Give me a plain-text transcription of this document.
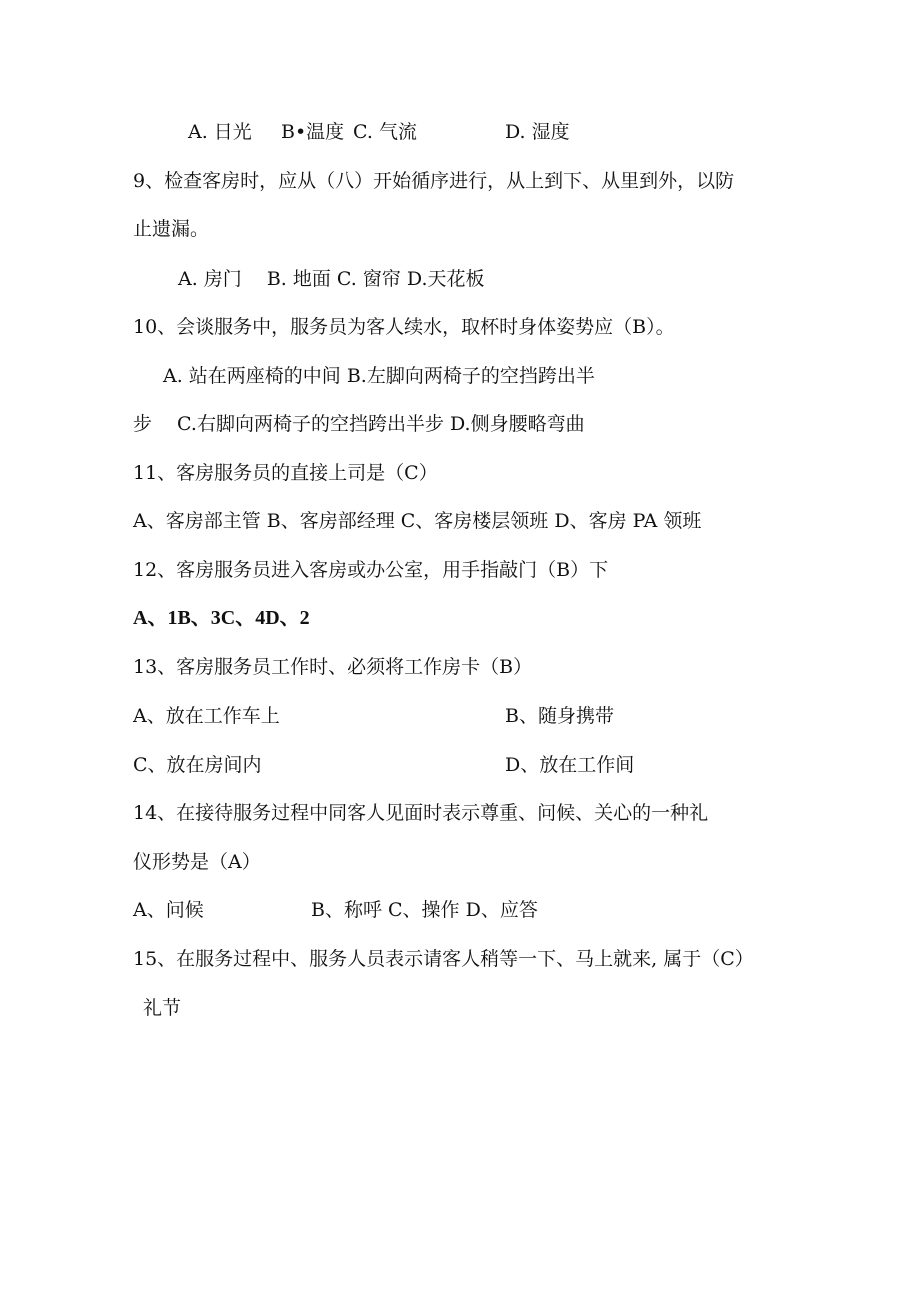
A. 日光 B•温度 C. 气流	D. 湿度
9、检查客房时，应从（八）开始循序进行，从上到下、从里到外，以防
止遗漏。
A. 房门　 B. 地面 C. 窗帘 D.天花板
10、会谈服务中，服务员为客人续水，取杯时身体姿势应（B）。
A. 站在两座椅的中间 B.左脚向两椅子的空挡跨出半
步　 C.右脚向两椅子的空挡跨出半步 D.侧身腰略弯曲
11、客房服务员的直接上司是（C）
A、客房部主管 B、客房部经理 C、客房楼层领班 D、客房 PA 领班
12、客房服务员进入客房或办公室，用手指敲门（B）下
A、1B、3C、4D、2
13、客房服务员工作时、必须将工作房卡（B）
A、放在工作车上	B、随身携带
C、放在房间内	D、放在工作间
14、在接待服务过程中同客人见面时表示尊重、问候、关心的一种礼
仪形势是（A）
A、问候	B、称呼 C、操作 D、应答
15、在服务过程中、服务人员表示请客人稍等一下、马上就来, 属于（C）
礼节
